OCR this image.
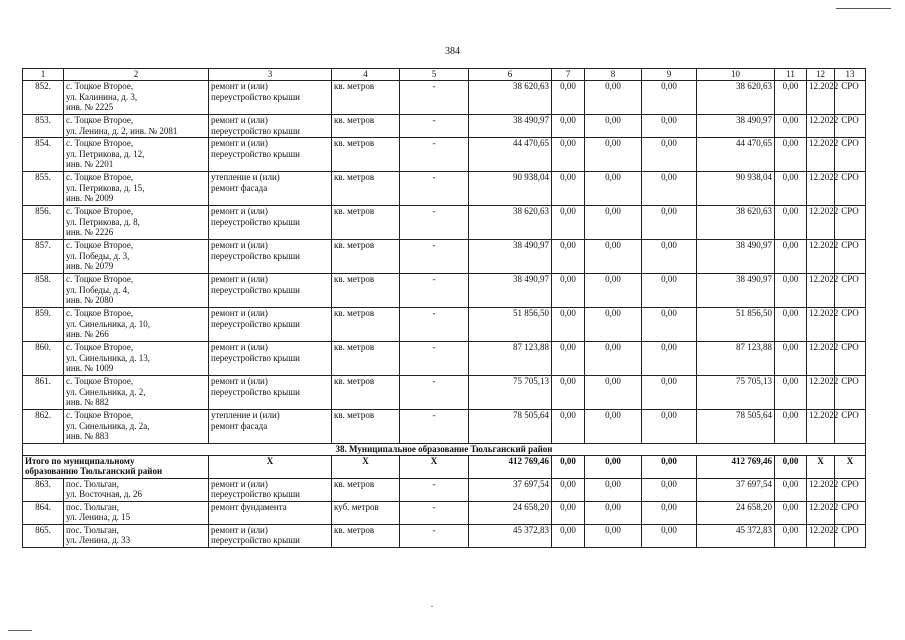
384
1	2	3	4	5	6	7	8	9	10	11	12	13
852.	с. Тоцкое Второе,
ул. Калинина, д. 3,
инв. № 2225	ремонт и (или)
переустройство крыши	кв. метров	-	38 620,63	0,00	0,00	0,00	38 620,63	0,00	12.2022	СРО
853.	с. Тоцкое Второе,
ул. Ленина, д. 2, инв. № 2081	ремонт и (или)
переустройство крыши	кв. метров	-	38 490,97	0,00	0,00	0,00	38 490,97	0,00	12.2022	СРО
854.	с. Тоцкое Второе,
ул. Петрикова, д. 12,
инв. № 2201	ремонт и (или)
переустройство крыши	кв. метров	-	44 470,65	0,00	0,00	0,00	44 470,65	0,00	12.2022	СРО
855.	с. Тоцкое Второе,
ул. Петрикова, д. 15,
инв. № 2009	утепление и (или)
ремонт фасада	кв. метров	-	90 938,04	0,00	0,00	0,00	90 938,04	0,00	12.2022	СРО
856.	с. Тоцкое Второе,
ул. Петрикова, д. 8,
инв. № 2226	ремонт и (или)
переустройство крыши	кв. метров	-	38 620,63	0,00	0,00	0,00	38 620,63	0,00	12.2022	СРО
857.	с. Тоцкое Второе,
ул. Победы, д. 3,
инв. № 2079	ремонт и (или)
переустройство крыши	кв. метров	-	38 490,97	0,00	0,00	0,00	38 490,97	0,00	12.2022	СРО
858.	с. Тоцкое Второе,
ул. Победы, д. 4,
инв. № 2080	ремонт и (или)
переустройство крыши	кв. метров	-	38 490,97	0,00	0,00	0,00	38 490,97	0,00	12.2022	СРО
859.	с. Тоцкое Второе,
ул. Синельника, д. 10,
инв. № 266	ремонт и (или)
переустройство крыши	кв. метров	-	51 856,50	0,00	0,00	0,00	51 856,50	0,00	12.2022	СРО
860.	с. Тоцкое Второе,
ул. Синельника, д. 13,
инв. № 1009	ремонт и (или)
переустройство крыши	кв. метров	-	87 123,88	0,00	0,00	0,00	87 123,88	0,00	12.2022	СРО
861.	с. Тоцкое Второе,
ул. Синельника, д. 2,
инв. № 882	ремонт и (или)
переустройство крыши	кв. метров	-	75 705,13	0,00	0,00	0,00	75 705,13	0,00	12.2022	СРО
862.	с. Тоцкое Второе,
ул. Синельника, д. 2а,
инв. № 883	утепление и (или)
ремонт фасада	кв. метров	-	78 505,64	0,00	0,00	0,00	78 505,64	0,00	12.2022	СРО
38. Муниципальное образование Тюльганский район												
Итого по муниципальному
образованию Тюльганский район		X	X	X	412 769,46	0,00	0,00	0,00	412 769,46	0,00	X	X
863.	пос. Тюльган,
ул. Восточная, д. 26	ремонт и (или)
переустройство крыши	кв. метров	-	37 697,54	0,00	0,00	0,00	37 697,54	0,00	12.2022	СРО
864.	пос. Тюльган,
ул. Ленина, д. 15	ремонт фундамента	куб. метров	-	24 658,20	0,00	0,00	0,00	24 658,20	0,00	12.2022	СРО
865.	пос. Тюльган,
ул. Ленина, д. 33	ремонт и (или)
переустройство крыши	кв. метров	-	45 372,83	0,00	0,00	0,00	45 372,83	0,00	12.2022	СРО
